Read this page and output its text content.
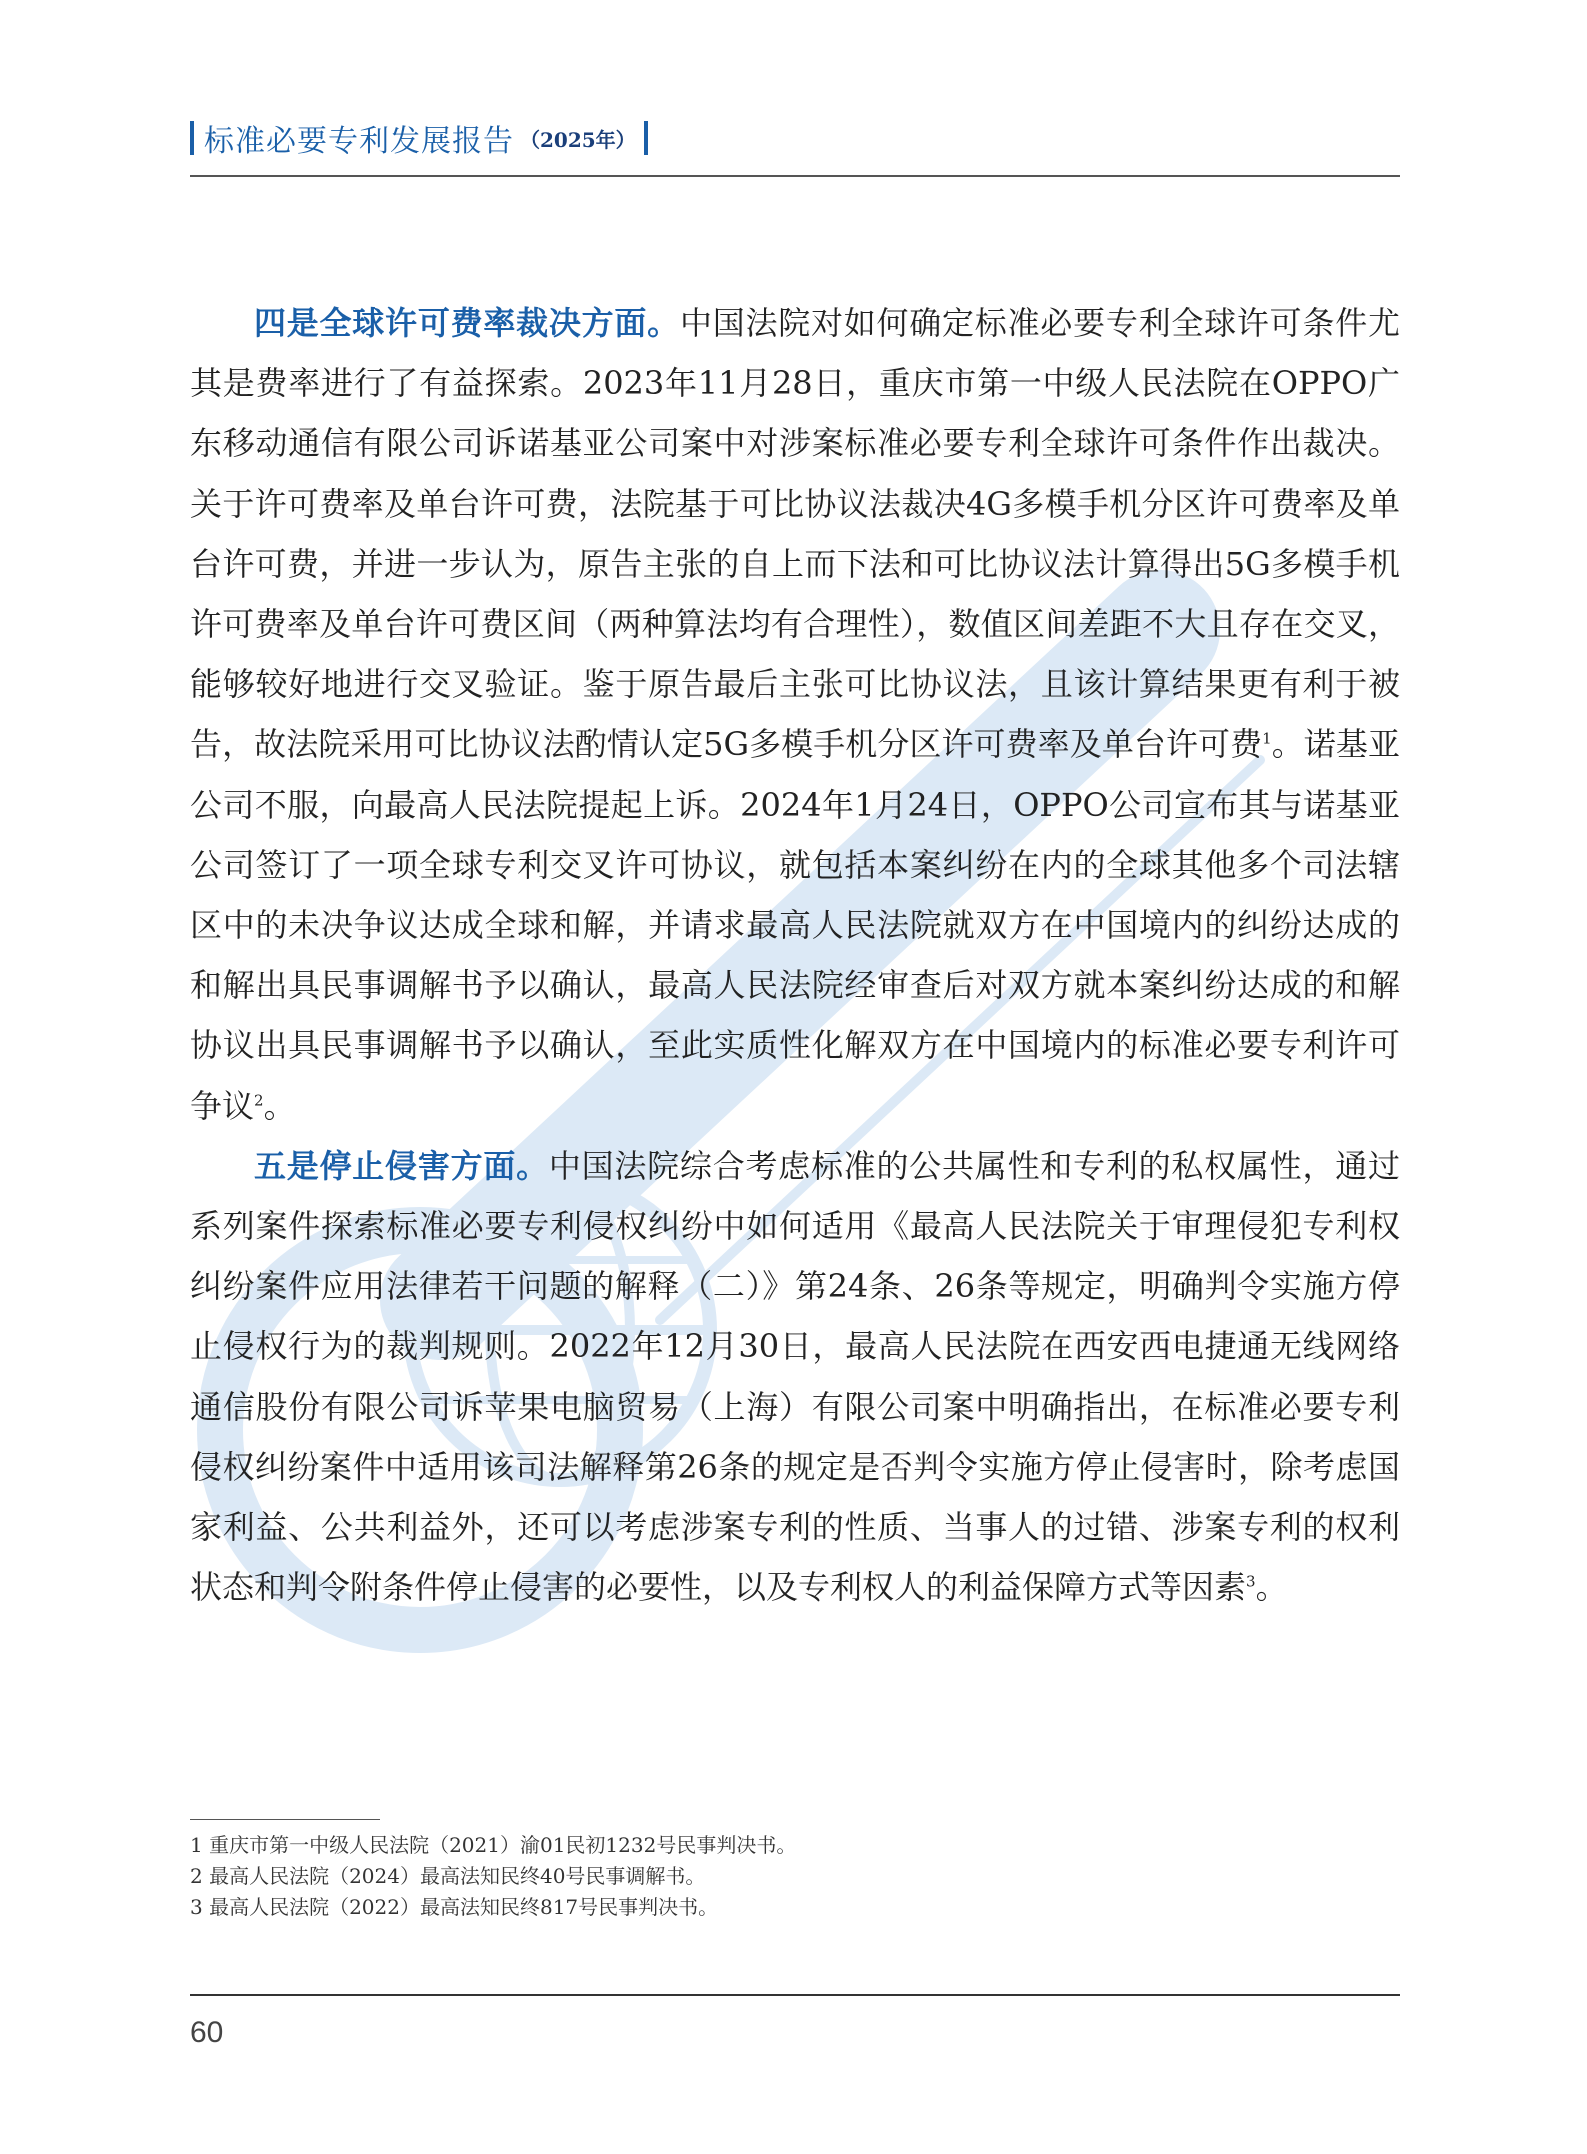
标准必要专利发展报告 （2025年）

四是全球许可费率裁决方面。中国法院对如何确定标准必要专利全球许可条件尤其是费率进行了有益探索。2023年11月28日，重庆市第一中级人民法院在OPPO广东移动通信有限公司诉诺基亚公司案中对涉案标准必要专利全球许可条件作出裁决。关于许可费率及单台许可费，法院基于可比协议法裁决4G多模手机分区许可费率及单台许可费，并进一步认为，原告主张的自上而下法和可比协议法计算得出5G多模手机许可费率及单台许可费区间（两种算法均有合理性），数值区间差距不大且存在交叉，能够较好地进行交叉验证。鉴于原告最后主张可比协议法，且该计算结果更有利于被告，故法院采用可比协议法酌情认定5G多模手机分区许可费率及单台许可费$^1$。诺基亚公司不服，向最高人民法院提起上诉。2024年1月24日，OPPO公司宣布其与诺基亚公司签订了一项全球专利交叉许可协议，就包括本案纠纷在内的全球其他多个司法辖区中的未决争议达成全球和解，并请求最高人民法院就双方在中国境内的纠纷达成的和解出具民事调解书予以确认，最高人民法院经审查后对双方就本案纠纷达成的和解协议出具民事调解书予以确认，至此实质性化解双方在中国境内的标准必要专利许可争议$^2$。

五是停止侵害方面。中国法院综合考虑标准的公共属性和专利的私权属性，通过系列案件探索标准必要专利侵权纠纷中如何适用《最高人民法院关于审理侵犯专利权纠纷案件应用法律若干问题的解释（二）》第24条、26条等规定，明确判令实施方停止侵权行为的裁判规则。2022年12月30日，最高人民法院在西安西电捷通无线网络通信股份有限公司诉苹果电脑贸易（上海）有限公司案中明确指出，在标准必要专利侵权纠纷案件中适用该司法解释第26条的规定是否判令实施方停止侵害时，除考虑国家利益、公共利益外，还可以考虑涉案专利的性质、当事人的过错、涉案专利的权利状态和判令附条件停止侵害的必要性，以及专利权人的利益保障方式等因素$^3$。

1 重庆市第一中级人民法院（2021）渝01民初1232号民事判决书。
2 最高人民法院（2024）最高法知民终40号民事调解书。
3 最高人民法院（2022）最高法知民终817号民事判决书。
60
